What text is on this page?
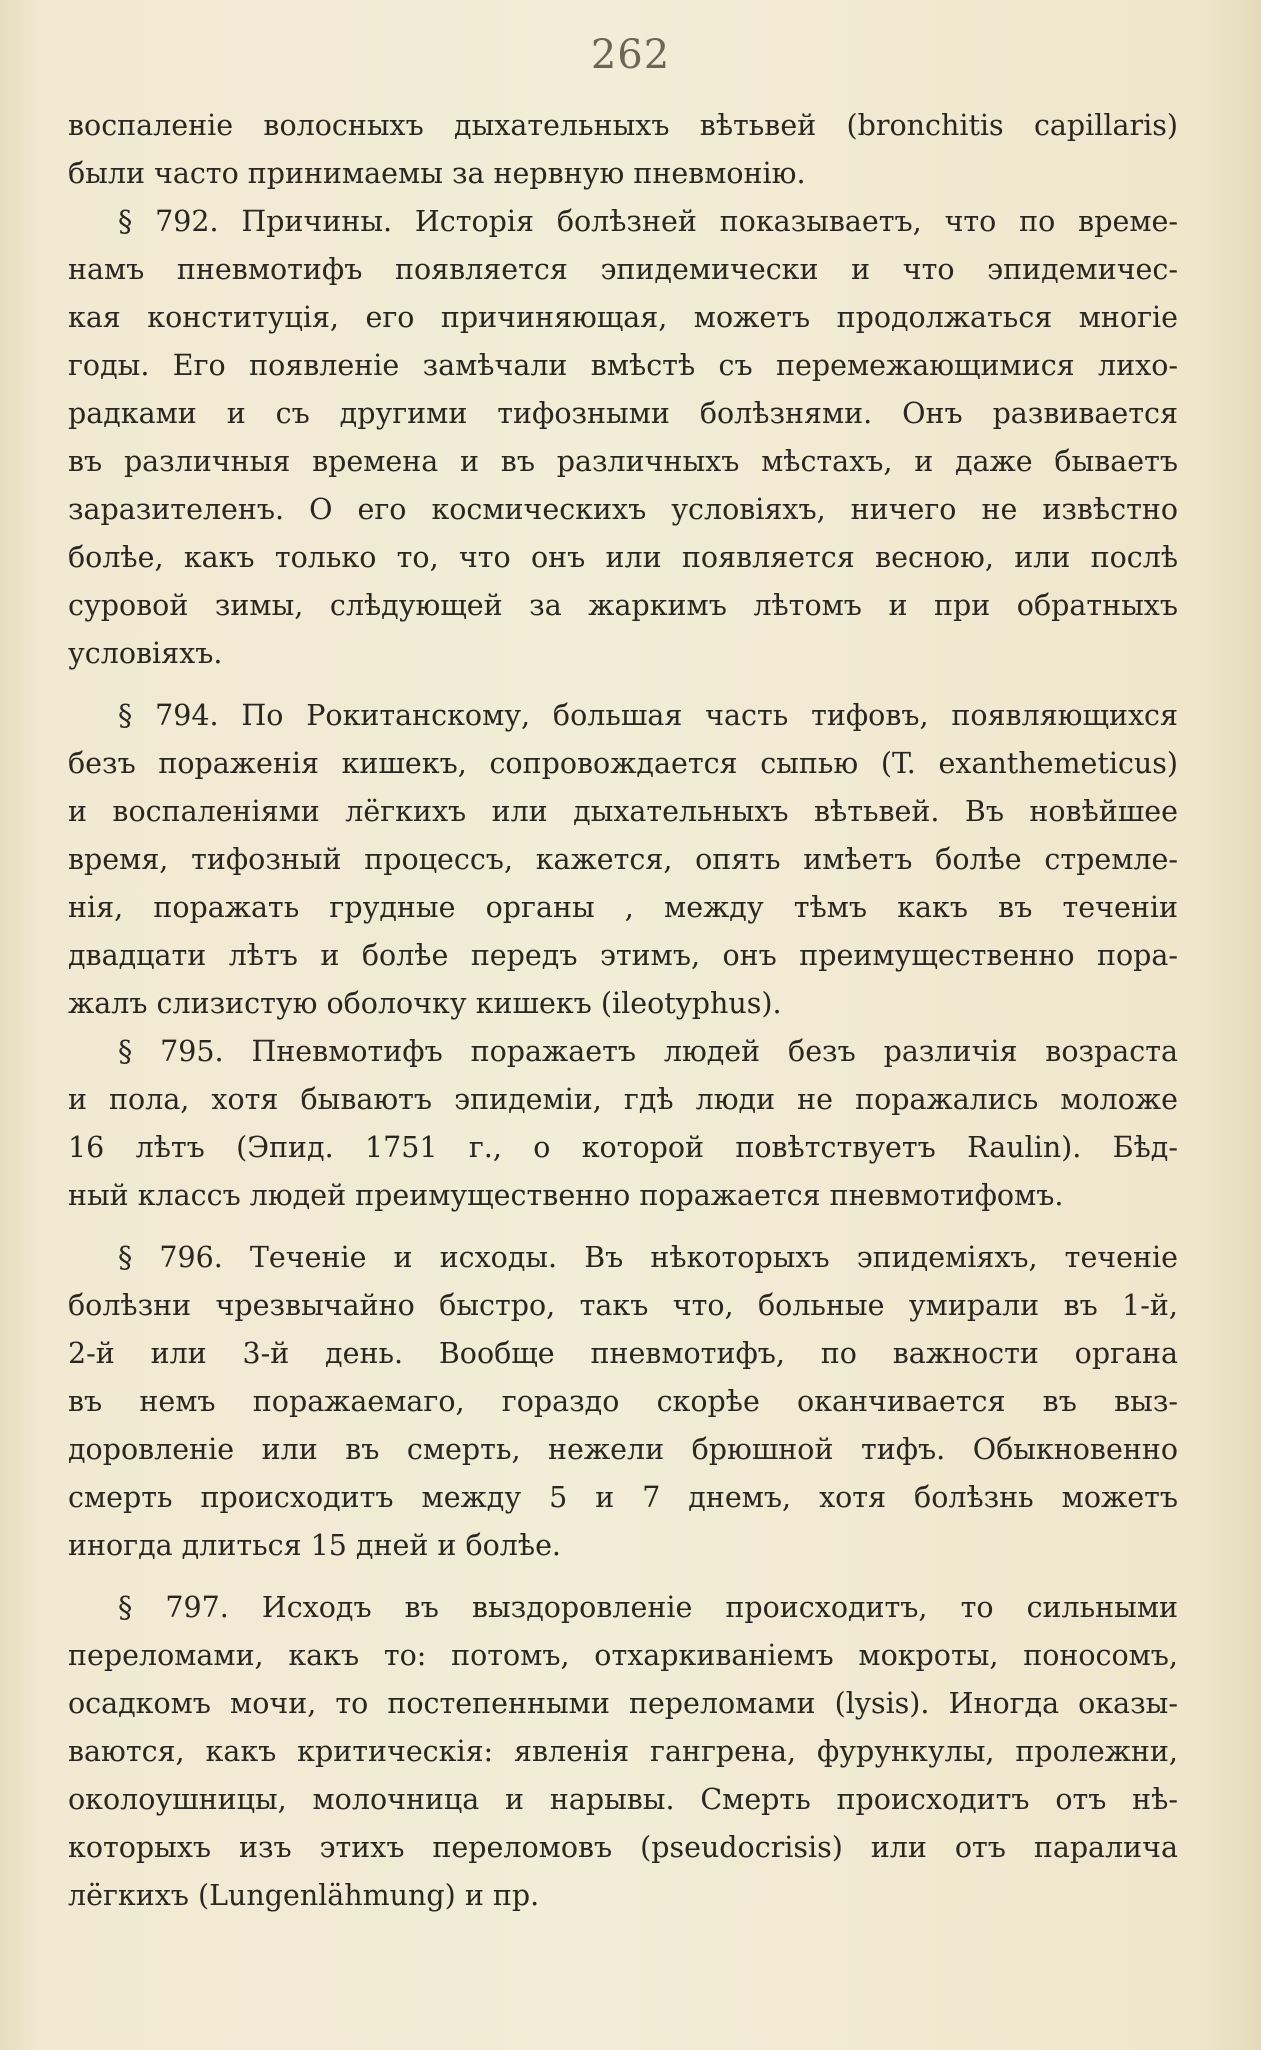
262
воспаленіе волосныхъ дыхательныхъ вѣтьвей (bronchitis capillaris)
были часто принимаемы за нервную пневмонію.
§ 792. Причины. Исторія болѣзней показываетъ, что по време-
намъ пневмотифъ появляется эпидемически и что эпидемичес-
кая конституція, его причиняющая, можетъ продолжаться многіе
годы. Его появленіе замѣчали вмѣстѣ съ перемежающимися лихо-
радками и съ другими тифозными болѣзнями. Онъ развивается
въ различныя времена и въ различныхъ мѣстахъ, и даже бываетъ
заразителенъ. О его космическихъ условіяхъ, ничего не извѣстно
болѣе, какъ только то, что онъ или появляется весною, или послѣ
суровой зимы, слѣдующей за жаркимъ лѣтомъ и при обратныхъ
условіяхъ.
§ 794. По Рокитанскому, большая часть тифовъ, появляющихся
безъ пораженія кишекъ, сопровождается сыпью (T. exanthemeticus)
и воспаленіями лёгкихъ или дыхательныхъ вѣтьвей. Въ новѣйшее
время, тифозный процессъ, кажется, опять имѣетъ болѣе стремле-
нія, поражать грудные органы , между тѣмъ какъ въ теченіи
двадцати лѣтъ и болѣе передъ этимъ, онъ преимущественно пора-
жалъ слизистую оболочку кишекъ (ileotyphus).
§ 795. Пневмотифъ поражаетъ людей безъ различія возраста
и пола, хотя бываютъ эпидеміи, гдѣ люди не поражались моложе
16 лѣтъ (Эпид. 1751 г., о которой повѣтствуетъ Raulin). Бѣд-
ный классъ людей преимущественно поражается пневмотифомъ.
§ 796. Теченіе и исходы. Въ нѣкоторыхъ эпидеміяхъ, теченіе
болѣзни чрезвычайно быстро, такъ что, больные умирали въ 1-й,
2-й или 3-й день. Вообще пневмотифъ, по важности органа
въ немъ поражаемаго, гораздо скорѣе оканчивается въ выз-
доровленіе или въ смерть, нежели брюшной тифъ. Обыкновенно
смерть происходитъ между 5 и 7 днемъ, хотя болѣзнь можетъ
иногда длиться 15 дней и болѣе.
§ 797. Исходъ въ выздоровленіе происходитъ, то сильными
переломами, какъ то: потомъ, отхаркиваніемъ мокроты, поносомъ,
осадкомъ мочи, то постепенными переломами (lysis). Иногда оказы-
ваются, какъ критическія: явленія гангрена, фурункулы, пролежни,
околоушницы, молочница и нарывы. Смерть происходитъ отъ нѣ-
которыхъ изъ этихъ переломовъ (pseudocrisis) или отъ паралича
лёгкихъ (Lungenlähmung) и пр.
